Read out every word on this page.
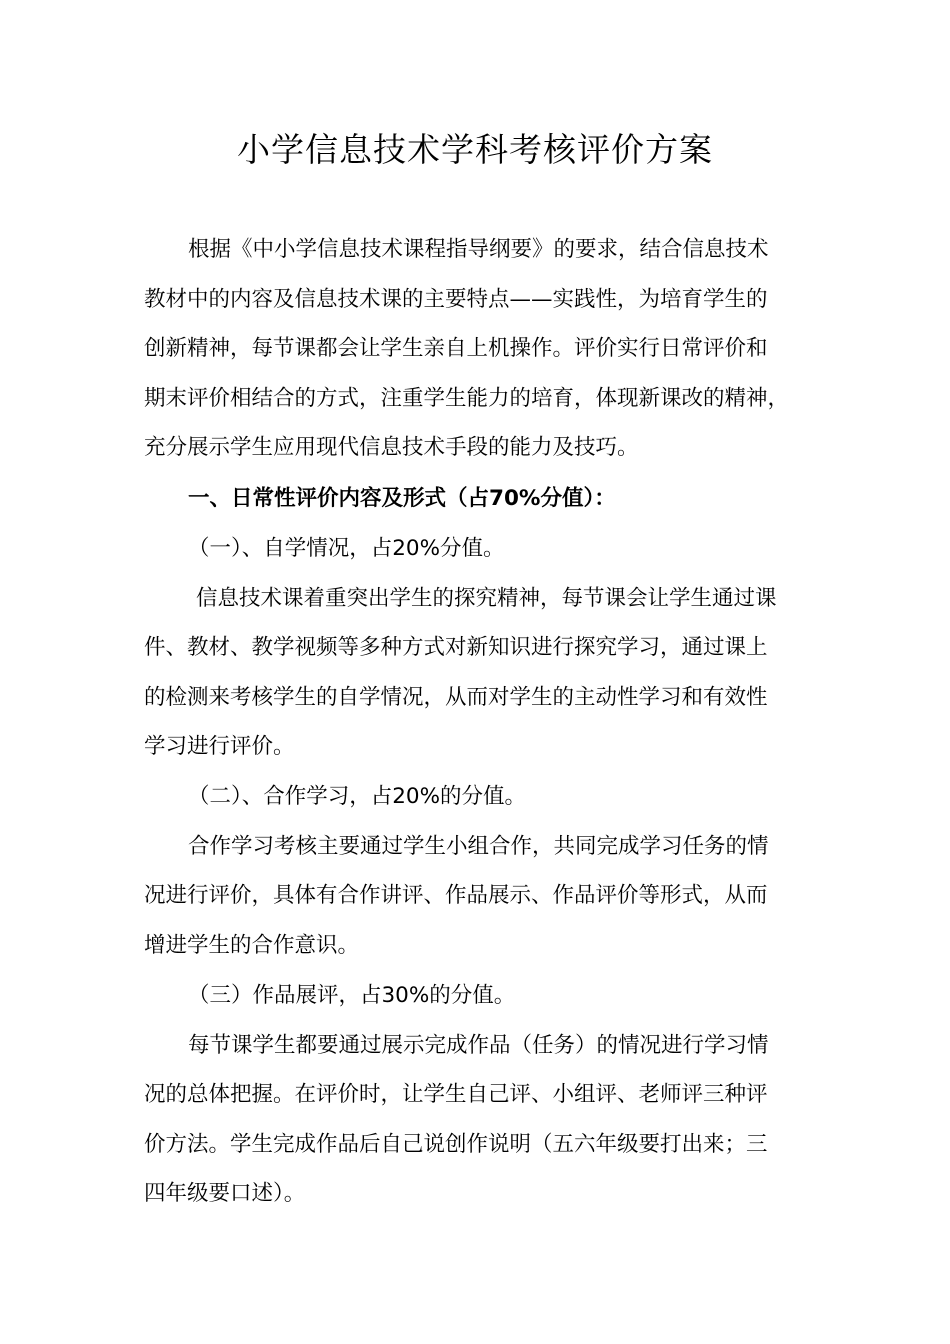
小学信息技术学科考核评价方案
根据《中小学信息技术课程指导纲要》的要求，结合信息技术
教材中的内容及信息技术课的主要特点——实践性，为培育学生的
创新精神，每节课都会让学生亲自上机操作。评价实行日常评价和
期末评价相结合的方式，注重学生能力的培育，体现新课改的精神，
充分展示学生应用现代信息技术手段的能力及技巧。
一、日常性评价内容及形式（占70%分值）：
（一）、自学情况，占20%分值。
信息技术课着重突出学生的探究精神，每节课会让学生通过课
件、教材、教学视频等多种方式对新知识进行探究学习，通过课上
的检测来考核学生的自学情况，从而对学生的主动性学习和有效性
学习进行评价。
（二）、合作学习，占20%的分值。
合作学习考核主要通过学生小组合作，共同完成学习任务的情
况进行评价，具体有合作讲评、作品展示、作品评价等形式，从而
增进学生的合作意识。
（三）作品展评，占30%的分值。
每节课学生都要通过展示完成作品（任务）的情况进行学习情
况的总体把握。在评价时，让学生自己评、小组评、老师评三种评
价方法。学生完成作品后自己说创作说明（五六年级要打出来；三
四年级要口述）。
